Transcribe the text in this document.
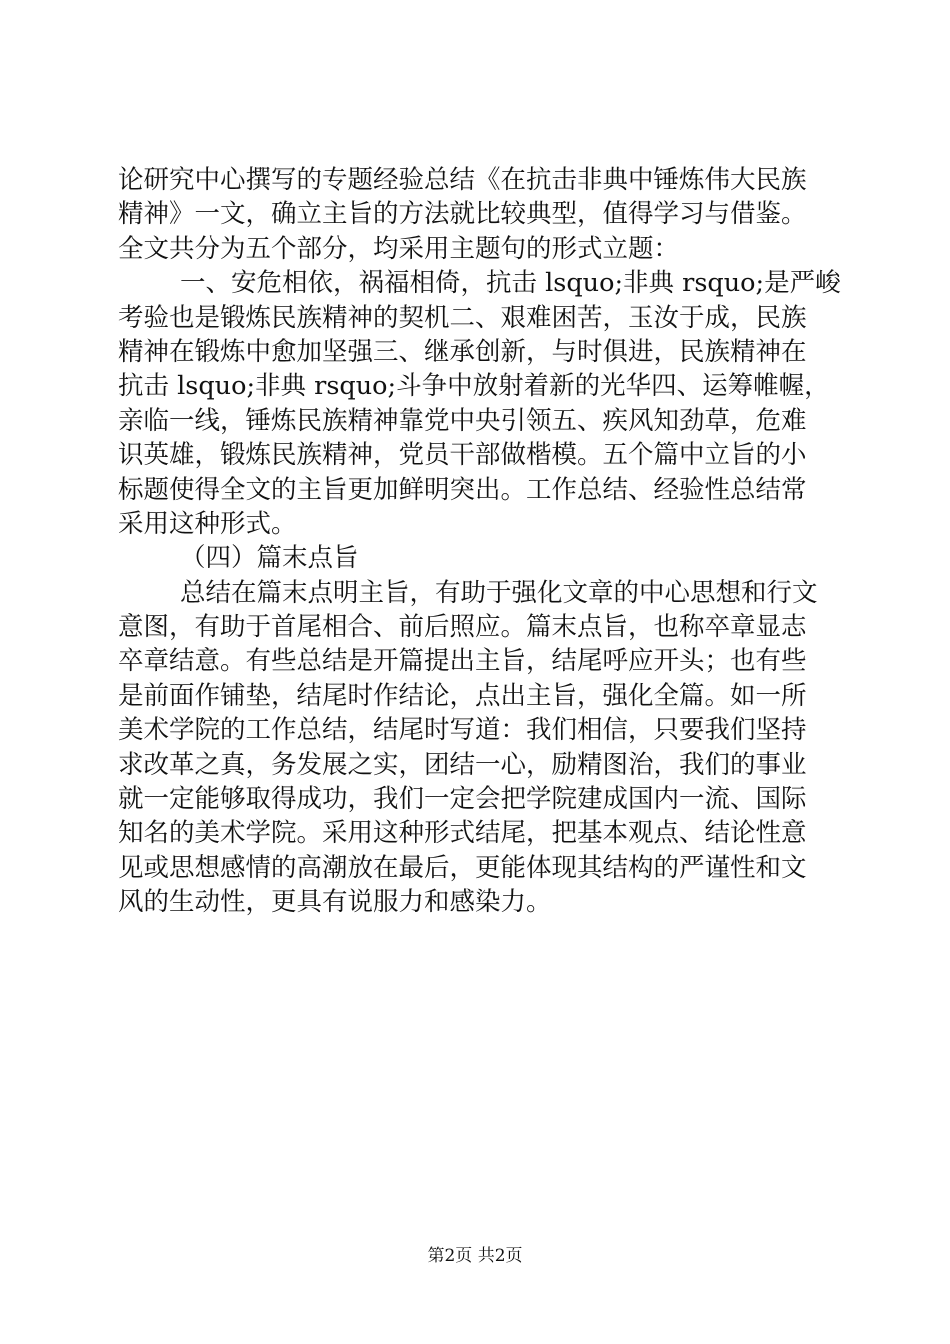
论研究中心撰写的专题经验总结《在抗击非典中锤炼伟大民族
精神》一文，确立主旨的方法就比较典型，值得学习与借鉴。
全文共分为五个部分，均采用主题句的形式立题：
一、安危相依，祸福相倚，抗击 lsquo;非典 rsquo;是严峻
考验也是锻炼民族精神的契机二、艰难困苦，玉汝于成，民族
精神在锻炼中愈加坚强三、继承创新，与时俱进，民族精神在
抗击 lsquo;非典 rsquo;斗争中放射着新的光华四、运筹帷幄，
亲临一线，锤炼民族精神靠党中央引领五、疾风知劲草，危难
识英雄，锻炼民族精神，党员干部做楷模。五个篇中立旨的小
标题使得全文的主旨更加鲜明突出。工作总结、经验性总结常
采用这种形式。
（四）篇末点旨
总结在篇末点明主旨，有助于强化文章的中心思想和行文
意图，有助于首尾相合、前后照应。篇末点旨，也称卒章显志
卒章结意。有些总结是开篇提出主旨，结尾呼应开头；也有些
是前面作铺垫，结尾时作结论，点出主旨，强化全篇。如一所
美术学院的工作总结，结尾时写道：我们相信，只要我们坚持
求改革之真，务发展之实，团结一心，励精图治，我们的事业
就一定能够取得成功，我们一定会把学院建成国内一流、国际
知名的美术学院。采用这种形式结尾，把基本观点、结论性意
见或思想感情的高潮放在最后，更能体现其结构的严谨性和文
风的生动性，更具有说服力和感染力。
第2页 共2页
